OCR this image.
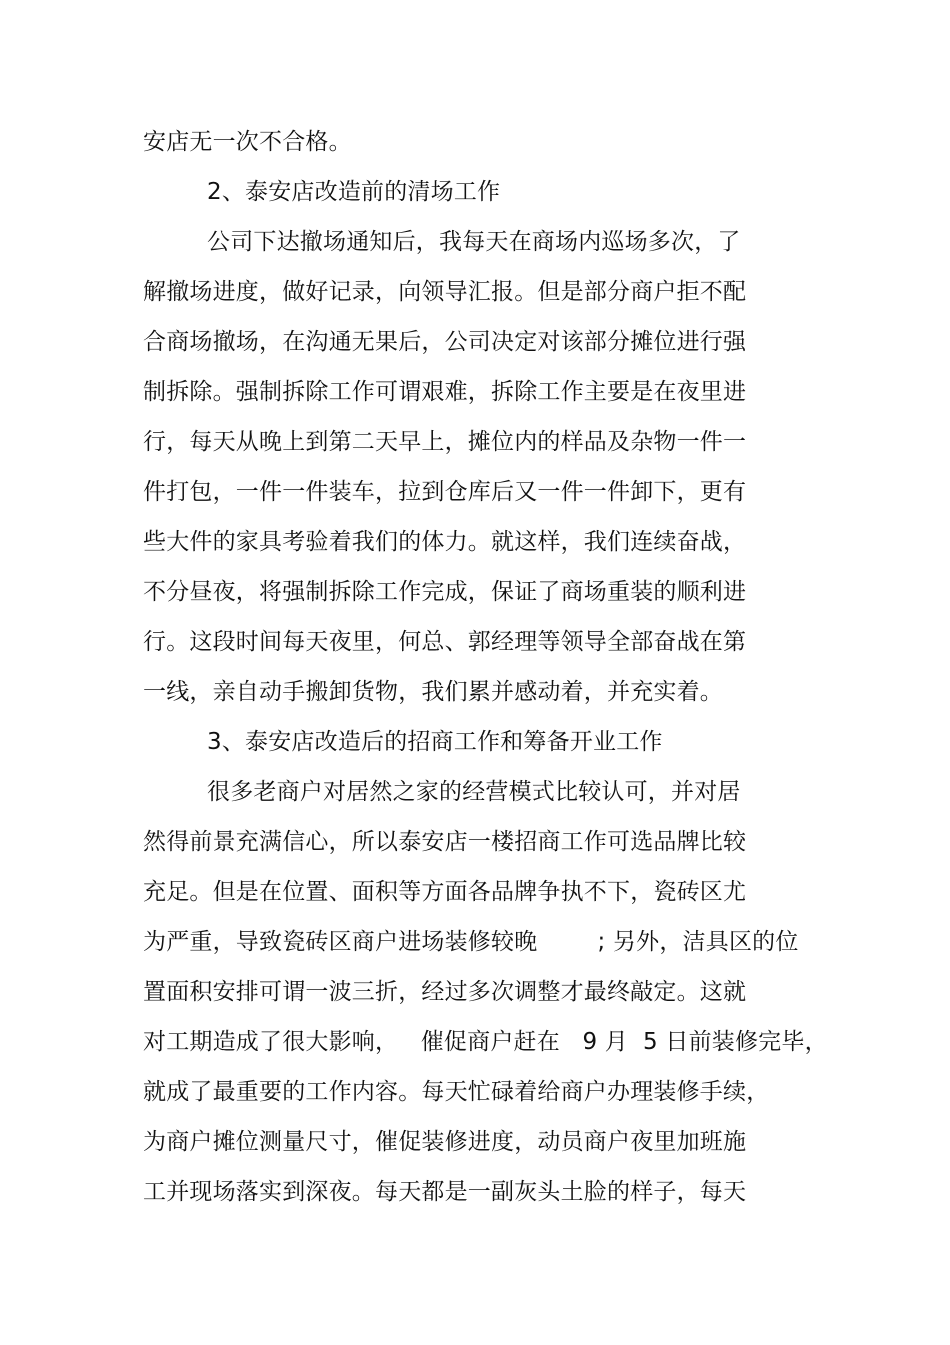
安店无一次不合格。
2、泰安店改造前的清场工作
公司下达撤场通知后，我每天在商场内巡场多次，了
解撤场进度，做好记录，向领导汇报。但是部分商户拒不配
合商场撤场，在沟通无果后，公司决定对该部分摊位进行强
制拆除。强制拆除工作可谓艰难，拆除工作主要是在夜里进
行，每天从晚上到第二天早上，摊位内的样品及杂物一件一
件打包，一件一件装车，拉到仓库后又一件一件卸下，更有
些大件的家具考验着我们的体力。就这样，我们连续奋战，
不分昼夜，将强制拆除工作完成，保证了商场重装的顺利进
行。这段时间每天夜里，何总、郭经理等领导全部奋战在第
一线，亲自动手搬卸货物，我们累并感动着，并充实着。
3、泰安店改造后的招商工作和筹备开业工作
很多老商户对居然之家的经营模式比较认可，并对居
然得前景充满信心，所以泰安店一楼招商工作可选品牌比较
充足。但是在位置、面积等方面各品牌争执不下，瓷砖区尤
为严重，导致瓷砖区商户进场装修较晚        ; 另外，洁具区的位
置面积安排可谓一波三折，经过多次调整才最终敲定。这就
对工期造成了很大影响，   催促商户赶在   9 月  5 日前装修完毕，
就成了最重要的工作内容。每天忙碌着给商户办理装修手续，
为商户摊位测量尺寸，催促装修进度，动员商户夜里加班施
工并现场落实到深夜。每天都是一副灰头土脸的样子，每天
